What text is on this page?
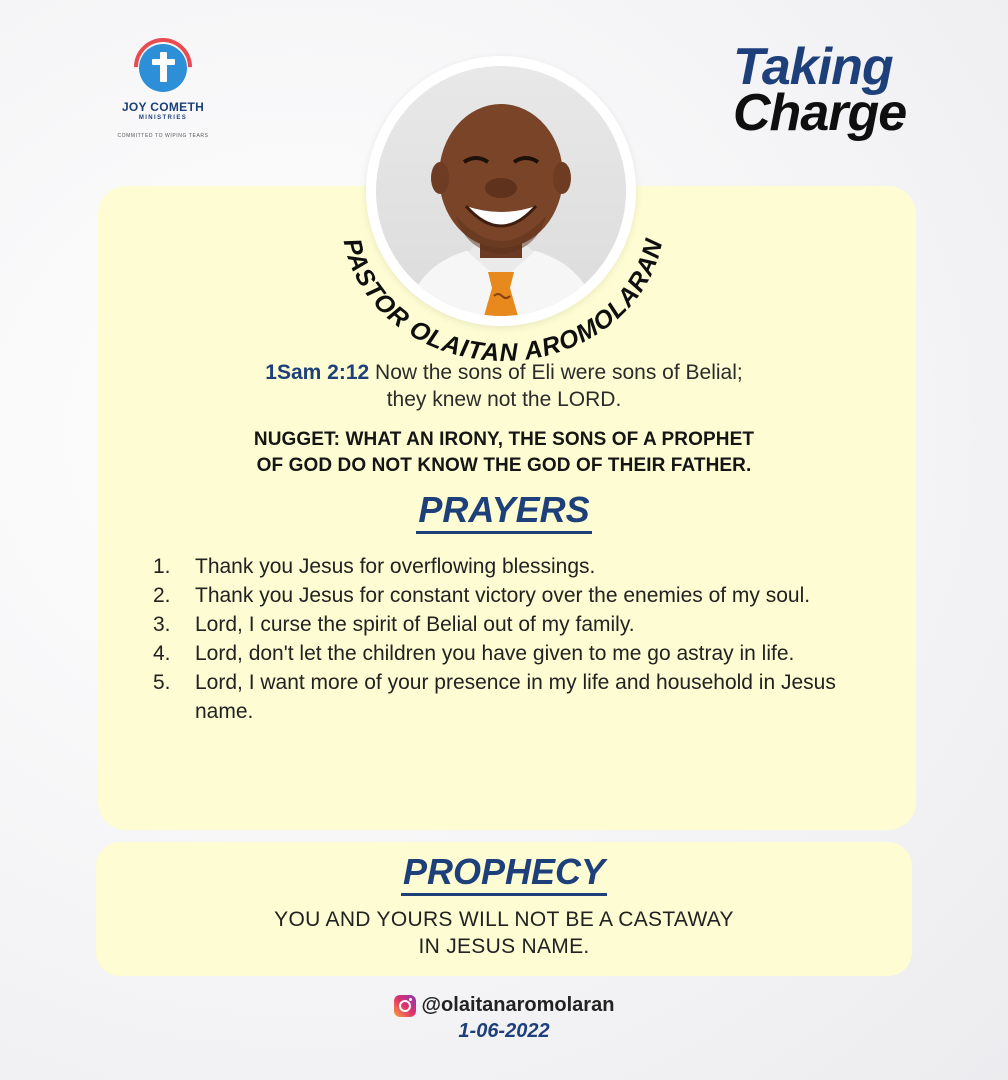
JOY COMETH
MINISTRIES
COMMITTED TO WIPING TEARS
Taking
Charge
PASTOR OLAITAN AROMOLARAN
1Sam 2:12 Now the sons of Eli were sons of Belial;
they knew not the LORD.
NUGGET: WHAT AN IRONY, THE SONS OF A PROPHET
OF GOD DO NOT KNOW THE GOD OF THEIR FATHER.
PRAYERS
1.	Thank you Jesus for overflowing blessings.
2.	Thank you Jesus for constant victory over the enemies of my soul.
3.	Lord, I curse the spirit of Belial out of my family.
4.	Lord, don't let the children you have given to me go astray in life.
5.	Lord, I want more of your presence in my life and household in Jesus name.
PROPHECY
YOU AND YOURS WILL NOT BE A CASTAWAY
IN JESUS NAME.
@olaitanaromolaran
1-06-2022
